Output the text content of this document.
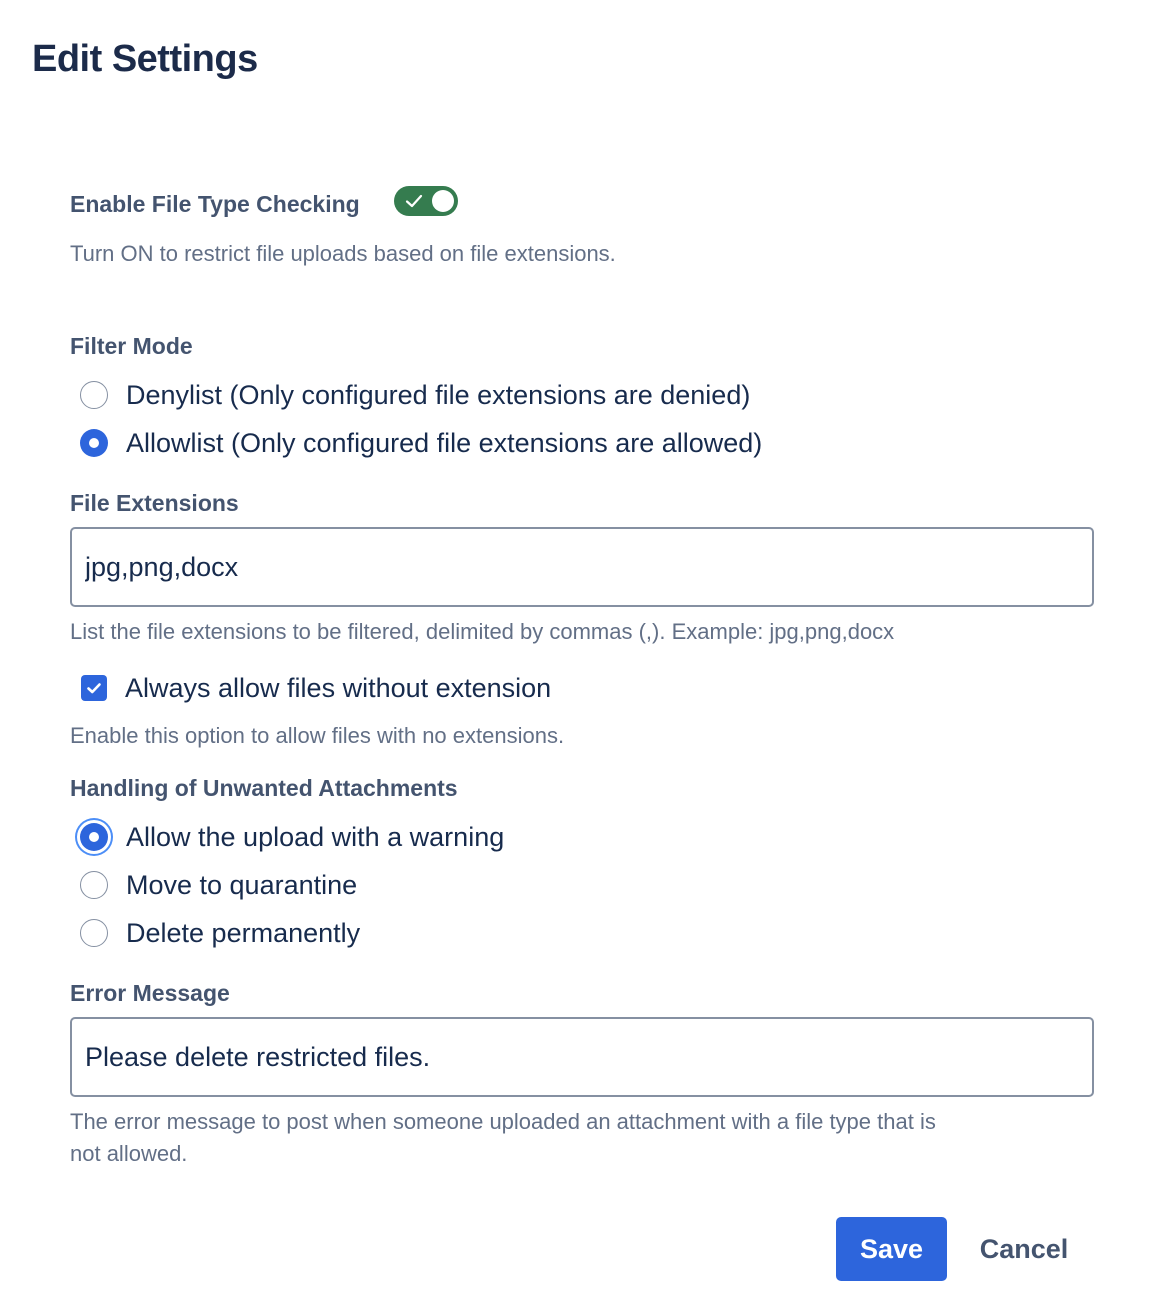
Edit Settings
Enable File Type Checking
Turn ON to restrict file uploads based on file extensions.
Filter Mode
Denylist (Only configured file extensions are denied)
Allowlist (Only configured file extensions are allowed)
File Extensions
jpg,png,docx
List the file extensions to be filtered, delimited by commas (,). Example: jpg,png,docx
Always allow files without extension
Enable this option to allow files with no extensions.
Handling of Unwanted Attachments
Allow the upload with a warning
Move to quarantine
Delete permanently
Error Message
Please delete restricted files.
The error message to post when someone uploaded an attachment with a file type that is
not allowed.
Save	Cancel
